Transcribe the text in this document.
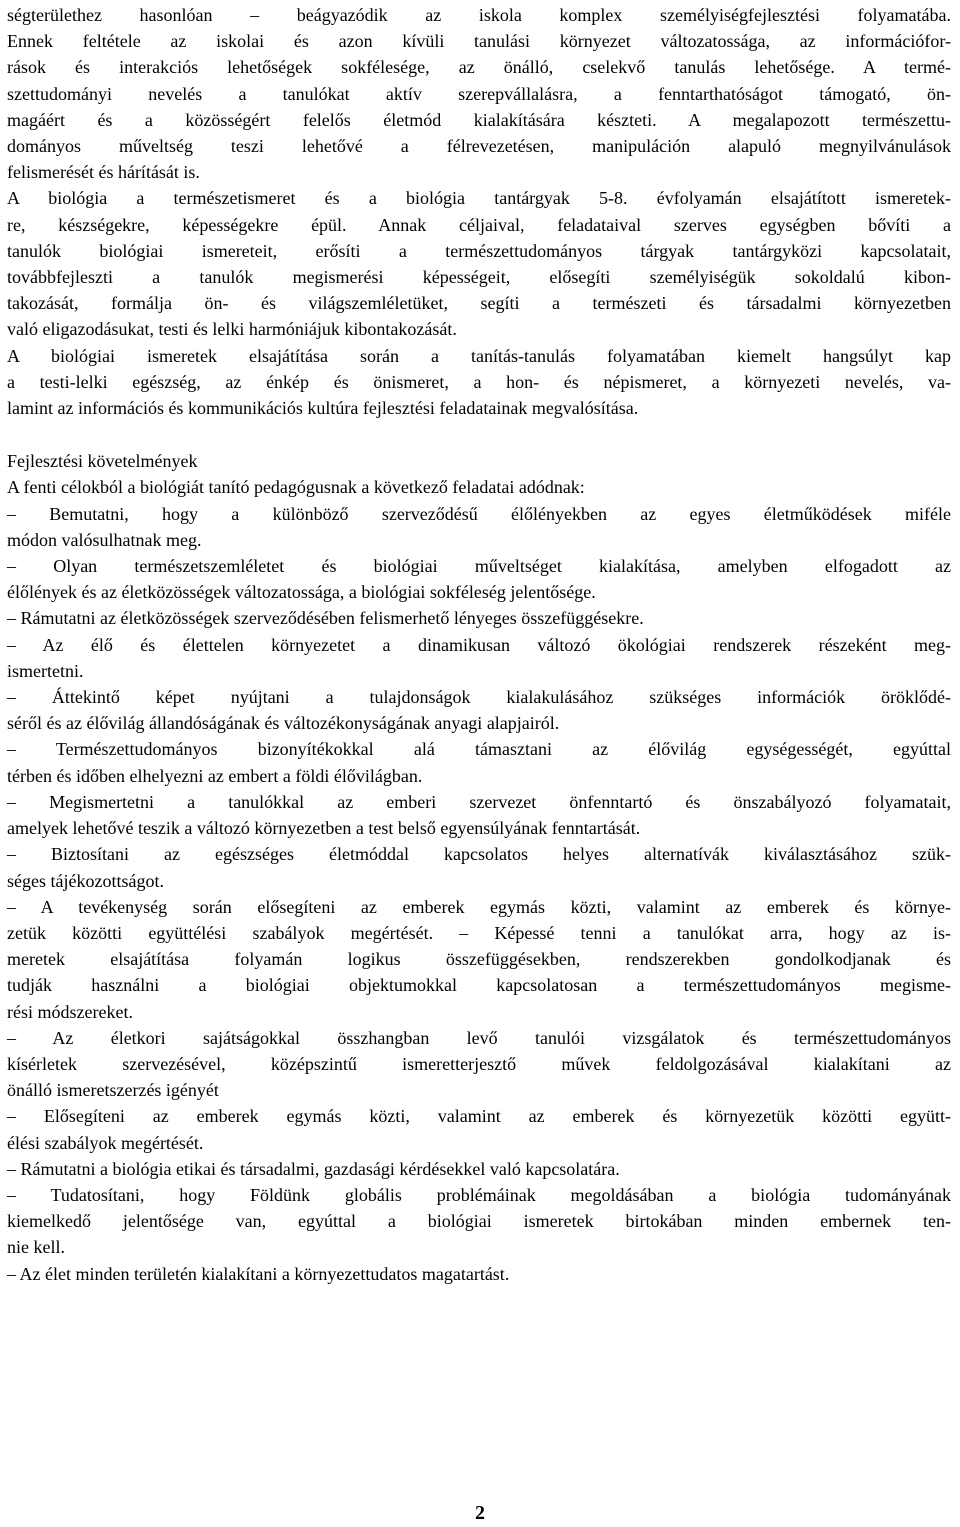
ségterülethez hasonlóan – beágyazódik az iskola komplex személyiségfejlesztési folyamatába.
Ennek feltétele az iskolai és azon kívüli tanulási környezet változatossága, az információfor-
rások és interakciós lehetőségek sokfélesége, az önálló, cselekvő tanulás lehetősége. A termé-
szettudományi nevelés a tanulókat aktív szerepvállalásra, a fenntarthatóságot támogató, ön-
magáért és a közösségért felelős életmód kialakítására készteti. A megalapozott természettu-
dományos műveltség teszi lehetővé a félrevezetésen, manipuláción alapuló megnyilvánulások
felismerését és hárítását is.

A biológia a természetismeret és a biológia tantárgyak 5-8. évfolyamán elsajátított ismeretek-
re, készségekre, képességekre épül. Annak céljaival, feladataival szerves egységben bővíti a
tanulók biológiai ismereteit, erősíti a természettudományos tárgyak tantárgyközi kapcsolatait,
továbbfejleszti a tanulók megismerési képességeit, elősegíti személyiségük sokoldalú kibon-
takozását, formálja ön- és világszemléletüket, segíti a természeti és társadalmi környezetben
való eligazodásukat, testi és lelki harmóniájuk kibontakozását.

A biológiai ismeretek elsajátítása során a tanítás-tanulás folyamatában kiemelt hangsúlyt kap
a testi-lelki egészség, az énkép és önismeret, a hon- és népismeret, a környezeti nevelés, va-
lamint az információs és kommunikációs kultúra fejlesztési feladatainak megvalósítása.

Fejlesztési követelmények

A fenti célokból a biológiát tanító pedagógusnak a következő feladatai adódnak:

– Bemutatni, hogy a különböző szerveződésű élőlényekben az egyes életműködések miféle
módon valósulhatnak meg.

– Olyan természetszemléletet és biológiai műveltséget kialakítása, amelyben elfogadott az
élőlények és az életközösségek változatossága, a biológiai sokféleség jelentősége.

– Rámutatni az életközösségek szerveződésében felismerhető lényeges összefüggésekre.

– Az élő és élettelen környezetet a dinamikusan változó ökológiai rendszerek részeként meg-
ismertetni.

– Áttekintő képet nyújtani a tulajdonságok kialakulásához szükséges információk öröklődé-
séről és az élővilág állandóságának és változékonyságának anyagi alapjairól.

– Természettudományos bizonyítékokkal alá támasztani az élővilág egységességét, egyúttal
térben és időben elhelyezni az embert a földi élővilágban.

– Megismertetni a tanulókkal az emberi szervezet önfenntartó és önszabályozó folyamatait,
amelyek lehetővé teszik a változó környezetben a test belső egyensúlyának fenntartását.

– Biztosítani az egészséges életmóddal kapcsolatos helyes alternatívák kiválasztásához szük-
séges tájékozottságot.

– A tevékenység során elősegíteni az emberek egymás közti, valamint az emberek és környe-
zetük közötti együttélési szabályok megértését. – Képessé tenni a tanulókat arra, hogy az is-
meretek elsajátítása folyamán logikus összefüggésekben, rendszerekben gondolkodjanak és
tudják használni a biológiai objektumokkal kapcsolatosan a természettudományos megisme-
rési módszereket.

– Az életkori sajátságokkal összhangban levő tanulói vizsgálatok és természettudományos
kísérletek szervezésével, középszintű ismeretterjesztő művek feldolgozásával kialakítani az
önálló ismeretszerzés igényét

– Elősegíteni az emberek egymás közti, valamint az emberek és környezetük közötti együtt-
élési szabályok megértését.

– Rámutatni a biológia etikai és társadalmi, gazdasági kérdésekkel való kapcsolatára.

– Tudatosítani, hogy Földünk globális problémáinak megoldásában a biológia tudományának
kiemelkedő jelentősége van, egyúttal a biológiai ismeretek birtokában minden embernek ten-
nie kell.

– Az élet minden területén kialakítani a környezettudatos magatartást.

2
